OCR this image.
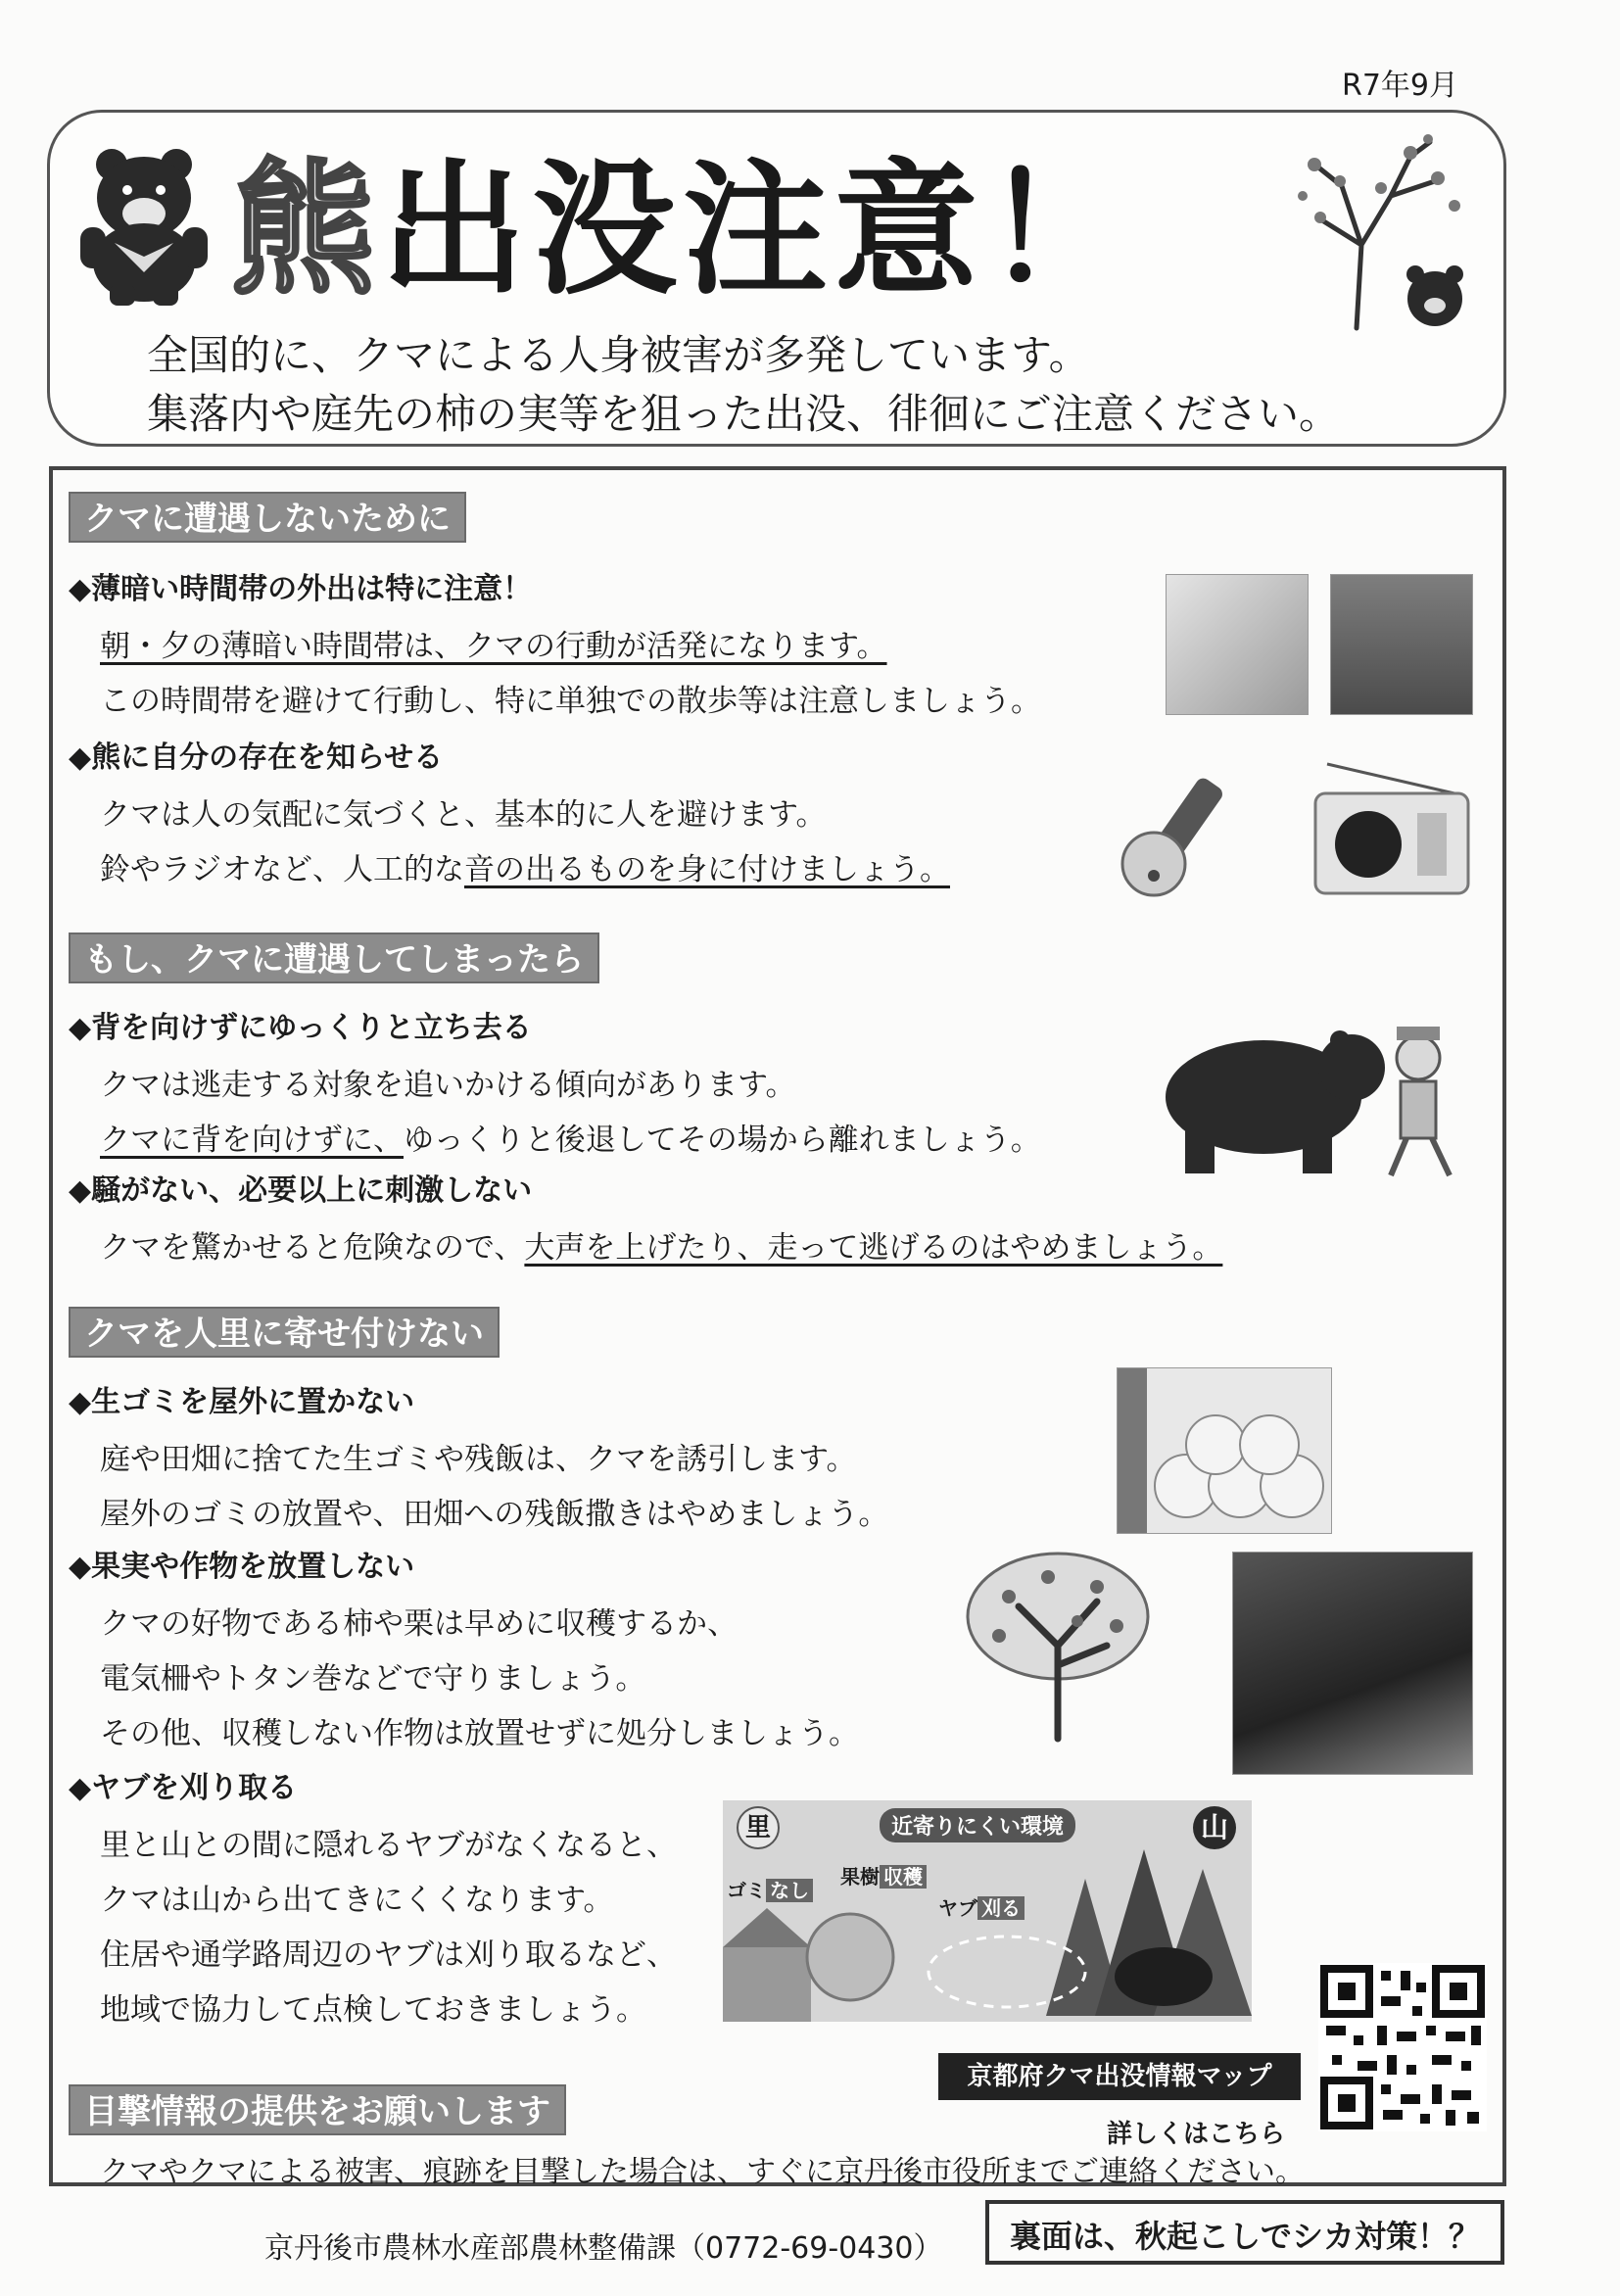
R7年9月
熊出没注意！
全国的に、クマによる人身被害が多発しています。
集落内や庭先の柿の実等を狙った出没、徘徊にご注意ください。
クマに遭遇しないために
◆薄暗い時間帯の外出は特に注意！
朝・夕の薄暗い時間帯は、クマの行動が活発になります。
この時間帯を避けて行動し、特に単独での散歩等は注意しましょう。
◆熊に自分の存在を知らせる
クマは人の気配に気づくと、基本的に人を避けます。
鈴やラジオなど、人工的な音の出るものを身に付けましょう。
もし、クマに遭遇してしまったら
◆背を向けずにゆっくりと立ち去る
クマは逃走する対象を追いかける傾向があります。
クマに背を向けずに、ゆっくりと後退してその場から離れましょう。
◆騒がない、必要以上に刺激しない
クマを驚かせると危険なので、大声を上げたり、走って逃げるのはやめましょう。
クマを人里に寄せ付けない
◆生ゴミを屋外に置かない
庭や田畑に捨てた生ゴミや残飯は、クマを誘引します。
屋外のゴミの放置や、田畑への残飯撒きはやめましょう。
◆果実や作物を放置しない
クマの好物である柿や栗は早めに収穫するか、
電気柵やトタン巻などで守りましょう。
その他、収穫しない作物は放置せずに処分しましょう。
◆ヤブを刈り取る
里と山との間に隠れるヤブがなくなると、
クマは山から出てきにくくなります。
住居や通学路周辺のヤブは刈り取るなど、
地域で協力して点検しておきましょう。
里	山
近寄りにくい環境
ゴミ なし
果樹 収穫
ヤブ 刈る
京都府クマ出没情報マップ
詳しくはこちら
目撃情報の提供をお願いします
クマやクマによる被害、痕跡を目撃した場合は、すぐに京丹後市役所までご連絡ください。
京丹後市農林水産部農林整備課（0772-69-0430）	裏面は、秋起こしでシカ対策！？
